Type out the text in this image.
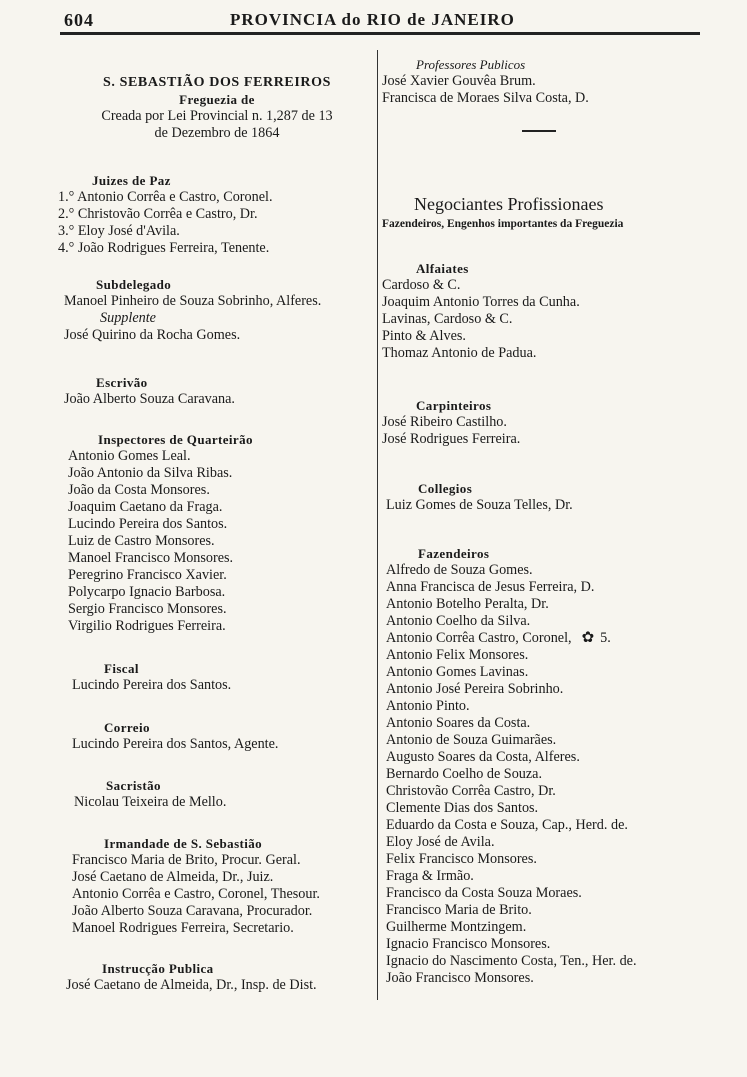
604	PROVINCIA do RIO de JANEIRO
S. SEBASTIÃO DOS FERREIROS
Freguezia de
Creada por Lei Provincial n. 1,287 de 13
de Dezembro de 1864
Juizes de Paz
1.° Antonio Corrêa e Castro, Coronel.
2.° Christovão Corrêa e Castro, Dr.
3.° Eloy José d'Avila.
4.° João Rodrigues Ferreira, Tenente.
Subdelegado
Manoel Pinheiro de Souza Sobrinho, Alferes.
Supplente
José Quirino da Rocha Gomes.
Escrivão
João Alberto Souza Caravana.
Inspectores de Quarteirão
Antonio Gomes Leal.
João Antonio da Silva Ribas.
João da Costa Monsores.
Joaquim Caetano da Fraga.
Lucindo Pereira dos Santos.
Luiz de Castro Monsores.
Manoel Francisco Monsores.
Peregrino Francisco Xavier.
Polycarpo Ignacio Barbosa.
Sergio Francisco Monsores.
Virgilio Rodrigues Ferreira.
Fiscal
Lucindo Pereira dos Santos.
Correio
Lucindo Pereira dos Santos, Agente.
Sacristão
Nicolau Teixeira de Mello.
Irmandade de S. Sebastião
Francisco Maria de Brito, Procur. Geral.
José Caetano de Almeida, Dr., Juiz.
Antonio Corrêa e Castro, Coronel, Thesour.
João Alberto Souza Caravana, Procurador.
Manoel Rodrigues Ferreira, Secretario.
Instrucção Publica
José Caetano de Almeida, Dr., Insp. de Dist.
Professores Publicos
José Xavier Gouvêa Brum.
Francisca de Moraes Silva Costa, D.
Negociantes Profissionaes
Fazendeiros, Engenhos importantes da Freguezia
Alfaiates
Cardoso & C.
Joaquim Antonio Torres da Cunha.
Lavinas, Cardoso & C.
Pinto & Alves.
Thomaz Antonio de Padua.
Carpinteiros
José Ribeiro Castilho.
José Rodrigues Ferreira.
Collegios
Luiz Gomes de Souza Telles, Dr.
Fazendeiros
Alfredo de Souza Gomes.
Anna Francisca de Jesus Ferreira, D.
Antonio Botelho Peralta, Dr.
Antonio Coelho da Silva.
Antonio Corrêa Castro, Coronel, ✿ 5.
Antonio Felix Monsores.
Antonio Gomes Lavinas.
Antonio José Pereira Sobrinho.
Antonio Pinto.
Antonio Soares da Costa.
Antonio de Souza Guimarães.
Augusto Soares da Costa, Alferes.
Bernardo Coelho de Souza.
Christovão Corrêa Castro, Dr.
Clemente Dias dos Santos.
Eduardo da Costa e Souza, Cap., Herd. de.
Eloy José de Avila.
Felix Francisco Monsores.
Fraga & Irmão.
Francisco da Costa Souza Moraes.
Francisco Maria de Brito.
Guilherme Montzingem.
Ignacio Francisco Monsores.
Ignacio do Nascimento Costa, Ten., Her. de.
João Francisco Monsores.
